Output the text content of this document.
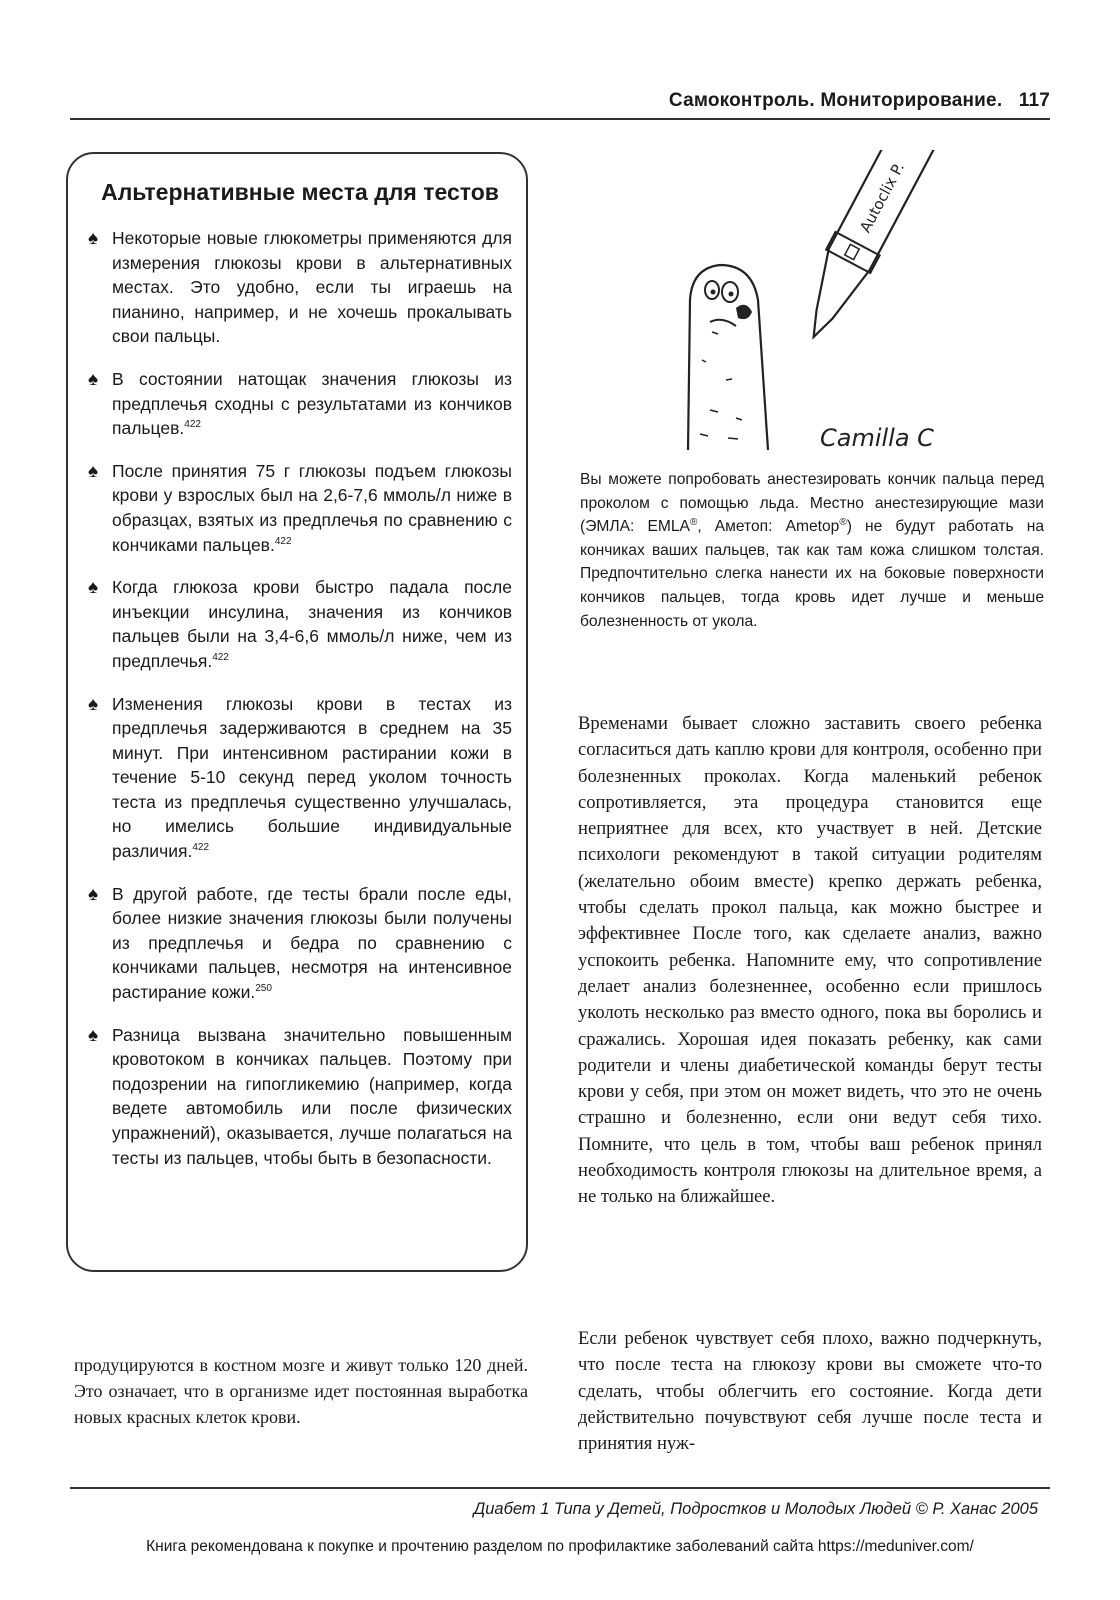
Самоконтроль. Мониторирование. 117
Альтернативные места для тестов
♠ Некоторые новые глюкометры применяются для измерения глюкозы крови в альтернативных местах. Это удобно, если ты играешь на пианино, например, и не хочешь прокалывать свои пальцы.
♠ В состоянии натощак значения глюкозы из предплечья сходны с результатами из кончиков пальцев.$^{422}$
♠ После принятия 75 г глюкозы подъем глюкозы крови у взрослых был на 2,6-7,6 ммоль/л ниже в образцах, взятых из предплечья по сравнению с кончиками пальцев.$^{422}$
♠ Когда глюкоза крови быстро падала после инъекции инсулина, значения из кончиков пальцев были на 3,4-6,6 ммоль/л ниже, чем из предплечья.$^{422}$
♠ Изменения глюкозы крови в тестах из предплечья задерживаются в среднем на 35 минут. При интенсивном растирании кожи в течение 5-10 секунд перед уколом точность теста из предплечья существенно улучшалась, но имелись большие индивидуальные различия.$^{422}$
♠ В другой работе, где тесты брали после еды, более низкие значения глюкозы были получены из предплечья и бедра по сравнению с кончиками пальцев, несмотря на интенсивное растирание кожи.$^{250}$
♠ Разница вызвана значительно повышенным кровотоком в кончиках пальцев. Поэтому при подозрении на гипогликемию (например, когда ведете автомобиль или после физических упражнений), оказывается, лучше полагаться на тесты из пальцев, чтобы быть в безопасности.
продуцируются в костном мозге и живут только 120 дней. Это означает, что в организме идет постоянная выработка новых красных клеток крови.
Autoclix P.
Camilla C
Вы можете попробовать анестезировать кончик пальца перед проколом с помощью льда. Местно анестезирующие мази (ЭМЛА: EMLA®, Аметоп: Ametop®) не будут работать на кончиках ваших пальцев, так как там кожа слишком толстая. Предпочтительно слегка нанести их на боковые поверхности кончиков пальцев, тогда кровь идет лучше и меньше болезненность от укола.
Временами бывает сложно заставить своего ребенка согласиться дать каплю крови для контроля, особенно при болезненных проколах. Когда маленький ребенок сопротивляется, эта процедура становится еще неприятнее для всех, кто участвует в ней. Детские психологи рекомендуют в такой ситуации родителям (желательно обоим вместе) крепко держать ребенка, чтобы сделать прокол пальца, как можно быстрее и эффективнее После того, как сделаете анализ, важно успокоить ребенка. Напомните ему, что сопротивление делает анализ болезненнее, особенно если пришлось уколоть несколько раз вместо одного, пока вы боролись и сражались. Хорошая идея показать ребенку, как сами родители и члены диабетической команды берут тесты крови у себя, при этом он может видеть, что это не очень страшно и болезненно, если они ведут себя тихо. Помните, что цель в том, чтобы ваш ребенок принял необходимость контроля глюкозы на длительное время, а не только на ближайшее.
Если ребенок чувствует себя плохо, важно подчеркнуть, что после теста на глюкозу крови вы сможете что-то сделать, чтобы облегчить его состояние. Когда дети действительно почувствуют себя лучше после теста и принятия нуж-
Диабет 1 Типа у Детей, Подростков и Молодых Людей © Р. Ханас 2005
Книга рекомендована к покупке и прочтению разделом по профилактике заболеваний сайта https://meduniver.com/
